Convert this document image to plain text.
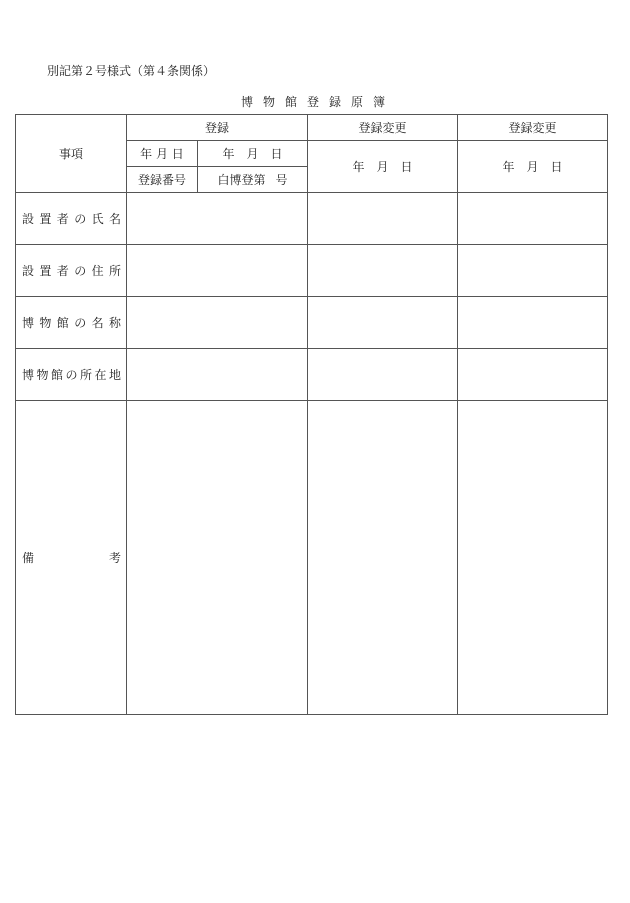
別記第２号様式（第４条関係）
博物館登録原簿
事項	登録		登録変更	登録変更
	年 月 日	年　月　日	年　月　日	年　月　日
	登録番号	白博登第 号		
設置者の氏名				
設置者の住所				
博物館の名称				
博物館の所在地				
備　　考				
